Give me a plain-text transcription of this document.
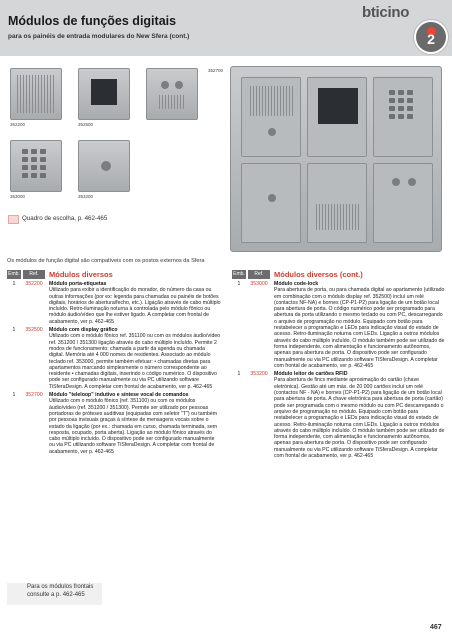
Módulos de funções digitais
para os painéis de entrada modulares do New Sfera (cont.)
bticino
2
352200	352500
352700
353000	353200
Quadro de escolha, p. 462-465
Os módulos de função digital são compatíveis com os postos externos da Sfera
Emb.	Ref.	Módulos diversos
1	352200	Módulo porta-etiquetas
Utilizado para exibir a identificação do morador, do número da casa ou outras informações (por ex: legenda para chamadas ou painéis de botões digitais, horários de abertura/fecho, etc.). Ligação através de cabo múltiplo incluído. Retro-iluminação noturna à controlada pelo módulo fônico ou módulo áudio/vídeo que lhe estiver ligado. A completar com frontal de acabamento, ver p. 462-465
1	352500	Módulo com display gráfico
Utilizado com o módulo fônico ref. 351100 ou com os módulos áudio/vídeo ref. 351200 / 351300 ligação através do cabo múltiplo incluído. Permite 2 modos de funcionamento: chamada a partir da agenda ou chamada digital. Memória até 4 000 nomes de residentes. Associado ao módulo teclado ref. 353000, permite também efetuar: • chamadas diretas para apartamentos marcando simplesmente o número correspondente ao residente • chamadas digitais, inserindo o código numérico. O dispositivo pode ser configurado manualmente ou via PC utilizando software TiSferaDesign. A completar com frontal de acabamento, ver p. 462-465
1	352700	Módulo "teleloop" indutivo e síntese vocal de comandos
Utilizado com o módulo fônico (ref. 351100) ou com os módulos áudio/vídeo (ref. 351200 / 351300). Permite ser utilizado por pessoas portadoras de próteses auditivas (equipadas com seletor "T") ou também por pessoas invisuais graças à síntese de mensagens vocais sobre o estado da ligação (por ex.: chamada em curso, chamada terminada, sem resposta, ocupado, porta aberta). Ligação ao módulo fônico através do cabo múltiplo incluído. O dispositivo pode ser configurado manualmente ou via PC utilizando software TiSferaDesign. A completar com frontal de acabamento, ver p. 462-465
Emb.	Ref.	Módulos diversos (cont.)
1	353000	Módulo code-lock
Para abertura de porta, ou para chamada digital ao apartamento (utilizado em combinação com o módulo display ref. 352500) incluí um relé (contactos NF-NA) e bornes (CP-P1-P2) para ligação de um botão local para abertura de porta. O código numérico pode ser programado para abertura da porta utilizando o mesmo teclado ou com PC, descarregando o arquivo de programação no módulo. Equipado com botão para restabelecer a programação e LEDs para indicação visual do estado de acesso. Retro-iluminação noturna com LEDs. Ligação a outros módulos através do cabo múltiplo incluído. O módulo também pode ser utilizado de forma independente, com alimentação e funcionamento autônomos, apenas para abertura de porta. O dispositivo pode ser configurado manualmente ou via PC utilizando software TiSferaDesign. A completar com frontal de acabamento, ver p. 462-465
1	353200	Módulo leitor de cartões RFID
Para abertura de fincs mediante aproximação do cartão (chave eletrónica). Gestão até um máx. de 20 000 cartões incluí um relé (contactos NF - NA) e bornes (CP-P1-P2) para ligação de um botão local para abertura de porta. A chave eletrónica para abertura de porta (cartão) pode ser programada com o mesmo módulo ou com PC descarregando o arquivo de programação no módulo. Equipado com botão para restabelecer a programação e LEDs para indicação visual do estado de acesso. Retro-iluminação noturna com LEDs. Ligação a outros módulos através do cabo múltiplo incluído. O módulo também pode ser utilizado de forma independente, com alimentação e funcionamento autônomos, apenas para abertura de porta. O dispositivo pode ser configurado manualmente ou via PC utilizando software TiSferaDesign. A completar com frontal de acabamento, ver p. 462-465
Para os módulos frontais consulte a p. 462-465
467
